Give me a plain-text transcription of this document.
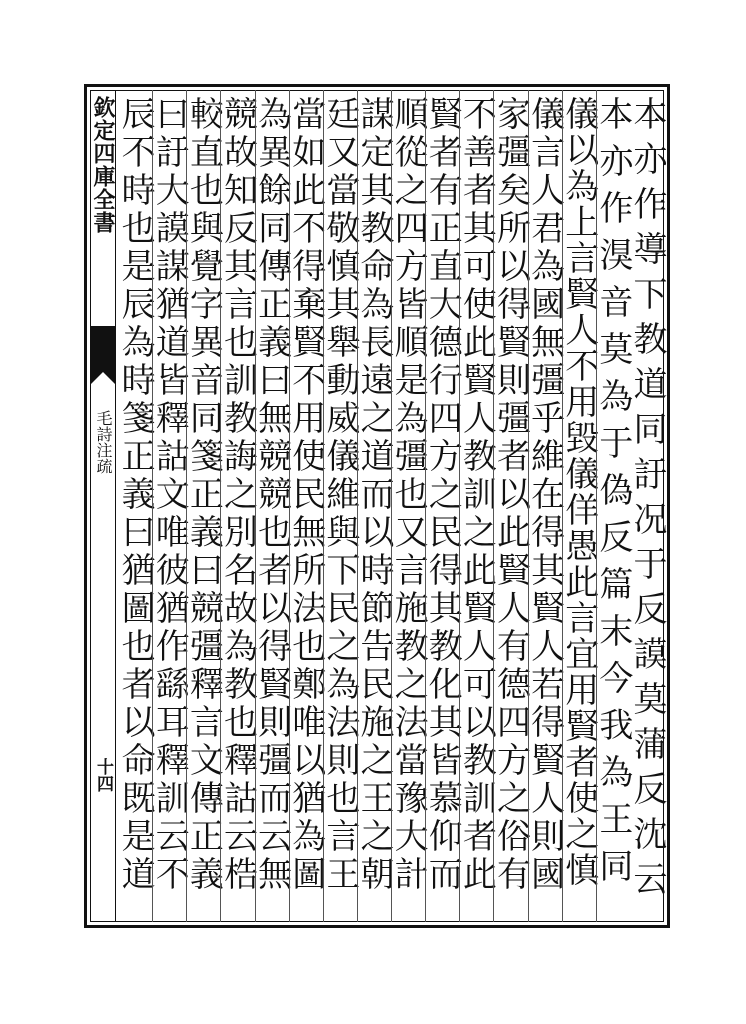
欽定四庫全書
毛詩注疏
十四	本亦作導下教道同訏况于反謨莫蒲反沈云
本亦作湨音莫為于偽反篇末今我為王同
儀以為上言賢人不用毀儀佯愚此言宜用賢者使之慎
儀言人君為國無彊乎維在得其賢人若得賢人則國
家彊矣所以得賢則彊者以此賢人有德四方之俗有
不善者其可使此賢人教訓之此賢人可以教訓者此
賢者有正直大德行四方之民得其教化其皆慕仰而
順從之四方皆順是為彊也又言施教之法當豫大計
謀定其教命為長遠之道而以時節告民施之王之朝
廷又當敬慎其舉動威儀維與下民之為法則也言王
當如此不得棄賢不用使民無所法也鄭唯以猶為圖
為異餘同傳正義曰無競競也者以得賢則彊而云無
競故知反其言也訓教誨之別名故為教也釋詁云梏
較直也與覺字異音同箋正義曰競彊釋言文傳正義
曰訏大謨謀猶道皆釋詁文唯彼猶作繇耳釋訓云不
辰不時也是辰為時箋正義曰猶圖也者以命既是道
